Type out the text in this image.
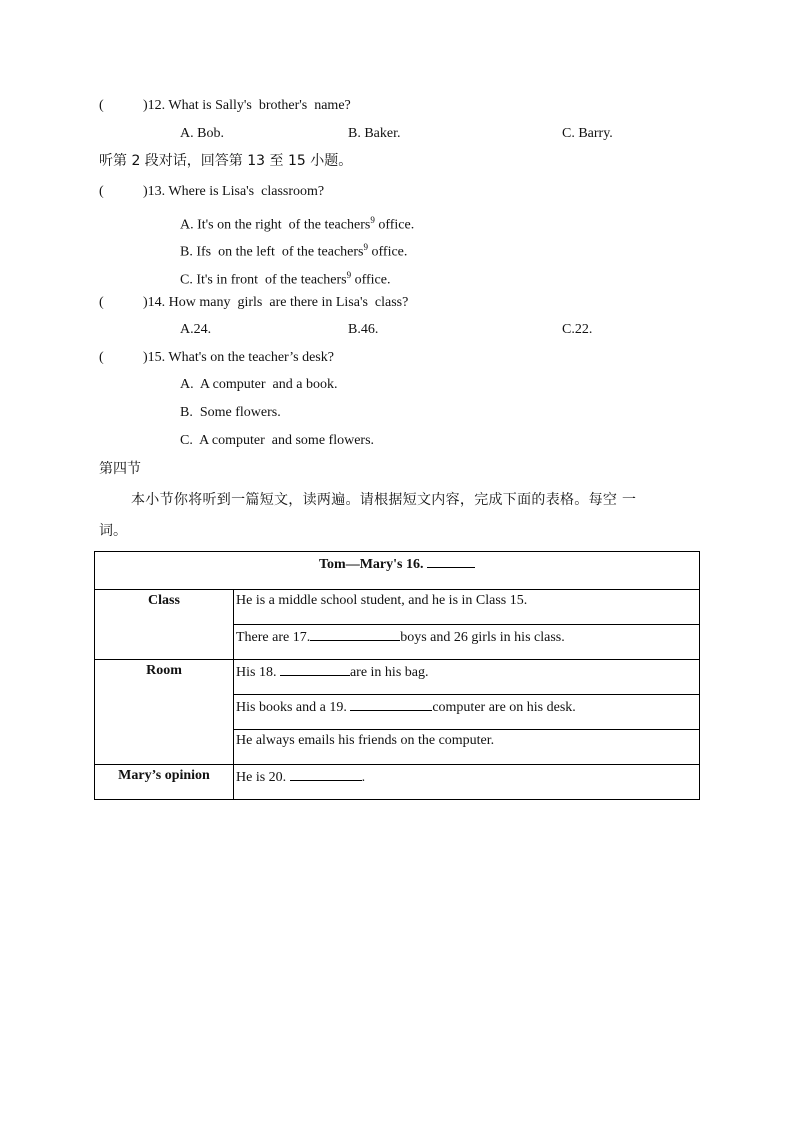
(	)12. What is Sally's  brother's  name?
A. Bob.	B. Baker.	C. Barry.
听第 2 段对话，回答第 13 至 15 小题。
(	)13. Where is Lisa's  classroom?
A. It's on the right  of the teachers$^9$ office.
B. Ifs  on the left  of the teachers$^9$ office.
C. It's in front  of the teachers$^9$ office.
(	)14. How many  girls  are there in Lisa's  class?
A.24.	B.46.	C.22.
(	)15. What's on the teacher’s desk?
A.  A computer  and a book.
B.  Some flowers.
C.  A computer  and some flowers.
第四节
本小节你将听到一篇短文，读两遍。请根据短文内容，完成下面的表格。每空 一
词。
Tom—Mary's 16.	
Class	He is a middle school student, and he is in Class 15.
	There are 17. boys and 26 girls in his class.
Room	His 18. are in his bag.
	His books and a 19. computer are on his desk.
	He always emails his friends on the computer.
Mary’s opinion	He is 20. .
